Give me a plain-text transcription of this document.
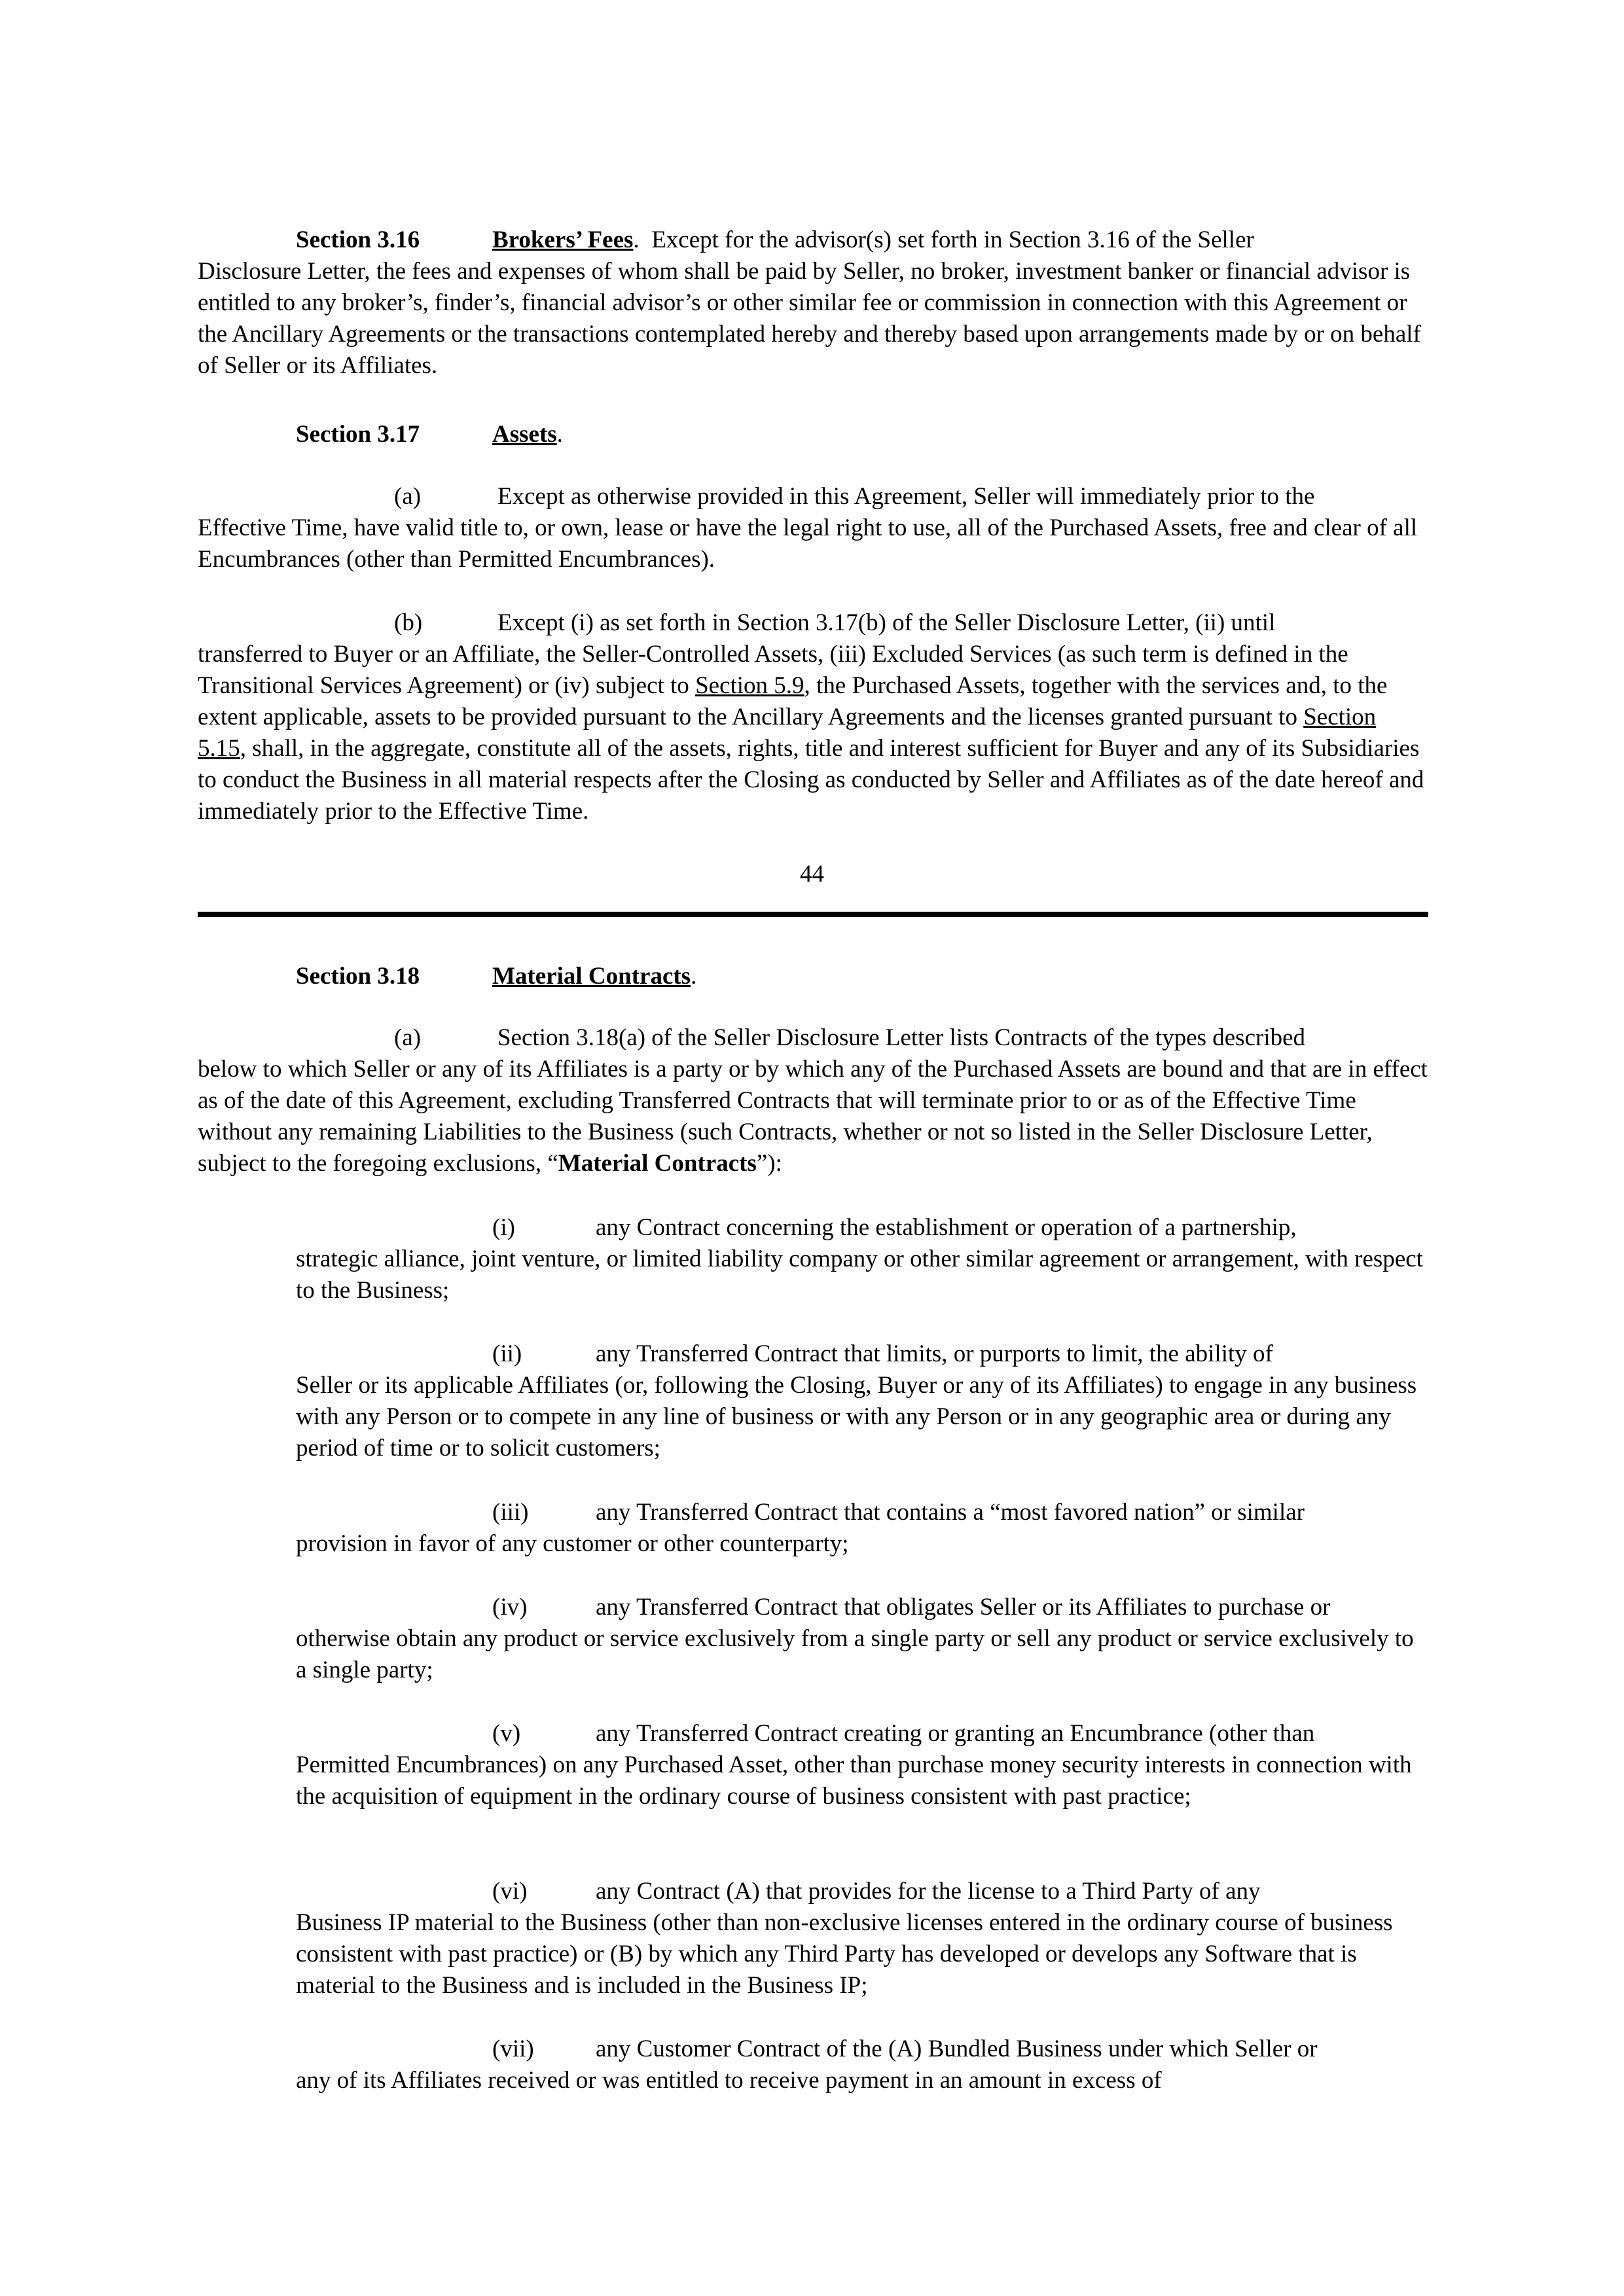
Section 3.16	Brokers’ Fees. Except for the advisor(s) set forth in Section 3.16 of the Seller
Disclosure Letter, the fees and expenses of whom shall be paid by Seller, no broker, investment banker or financial advisor is entitled to any broker’s, finder’s, financial advisor’s or other similar fee or commission in connection with this Agreement or the Ancillary Agreements or the transactions contemplated hereby and thereby based upon arrangements made by or on behalf of Seller or its Affiliates.
Section 3.17	Assets.
(a)	Except as otherwise provided in this Agreement, Seller will immediately prior to the
Effective Time, have valid title to, or own, lease or have the legal right to use, all of the Purchased Assets, free and clear of all Encumbrances (other than Permitted Encumbrances).
(b)	Except (i) as set forth in Section 3.17(b) of the Seller Disclosure Letter, (ii) until
transferred to Buyer or an Affiliate, the Seller-Controlled Assets, (iii) Excluded Services (as such term is defined in the Transitional Services Agreement) or (iv) subject to Section 5.9, the Purchased Assets, together with the services and, to the extent applicable, assets to be provided pursuant to the Ancillary Agreements and the licenses granted pursuant to Section 5.15, shall, in the aggregate, constitute all of the assets, rights, title and interest sufficient for Buyer and any of its Subsidiaries to conduct the Business in all material respects after the Closing as conducted by Seller and Affiliates as of the date hereof and immediately prior to the Effective Time.
44
Section 3.18	Material Contracts.
(a)	Section 3.18(a) of the Seller Disclosure Letter lists Contracts of the types described
below to which Seller or any of its Affiliates is a party or by which any of the Purchased Assets are bound and that are in effect as of the date of this Agreement, excluding Transferred Contracts that will terminate prior to or as of the Effective Time without any remaining Liabilities to the Business (such Contracts, whether or not so listed in the Seller Disclosure Letter, subject to the foregoing exclusions, “Material Contracts”):
(i)	any Contract concerning the establishment or operation of a partnership,
strategic alliance, joint venture, or limited liability company or other similar agreement or arrangement, with respect to the Business;
(ii)	any Transferred Contract that limits, or purports to limit, the ability of
Seller or its applicable Affiliates (or, following the Closing, Buyer or any of its Affiliates) to engage in any business with any Person or to compete in any line of business or with any Person or in any geographic area or during any period of time or to solicit customers;
(iii)	any Transferred Contract that contains a “most favored nation” or similar
provision in favor of any customer or other counterparty;
(iv)	any Transferred Contract that obligates Seller or its Affiliates to purchase or
otherwise obtain any product or service exclusively from a single party or sell any product or service exclusively to a single party;
(v)	any Transferred Contract creating or granting an Encumbrance (other than
Permitted Encumbrances) on any Purchased Asset, other than purchase money security interests in connection with the acquisition of equipment in the ordinary course of business consistent with past practice;
(vi)	any Contract (A) that provides for the license to a Third Party of any
Business IP material to the Business (other than non-exclusive licenses entered in the ordinary course of business consistent with past practice) or (B) by which any Third Party has developed or develops any Software that is material to the Business and is included in the Business IP;
(vii)	any Customer Contract of the (A) Bundled Business under which Seller or
any of its Affiliates received or was entitled to receive payment in an amount in excess of
